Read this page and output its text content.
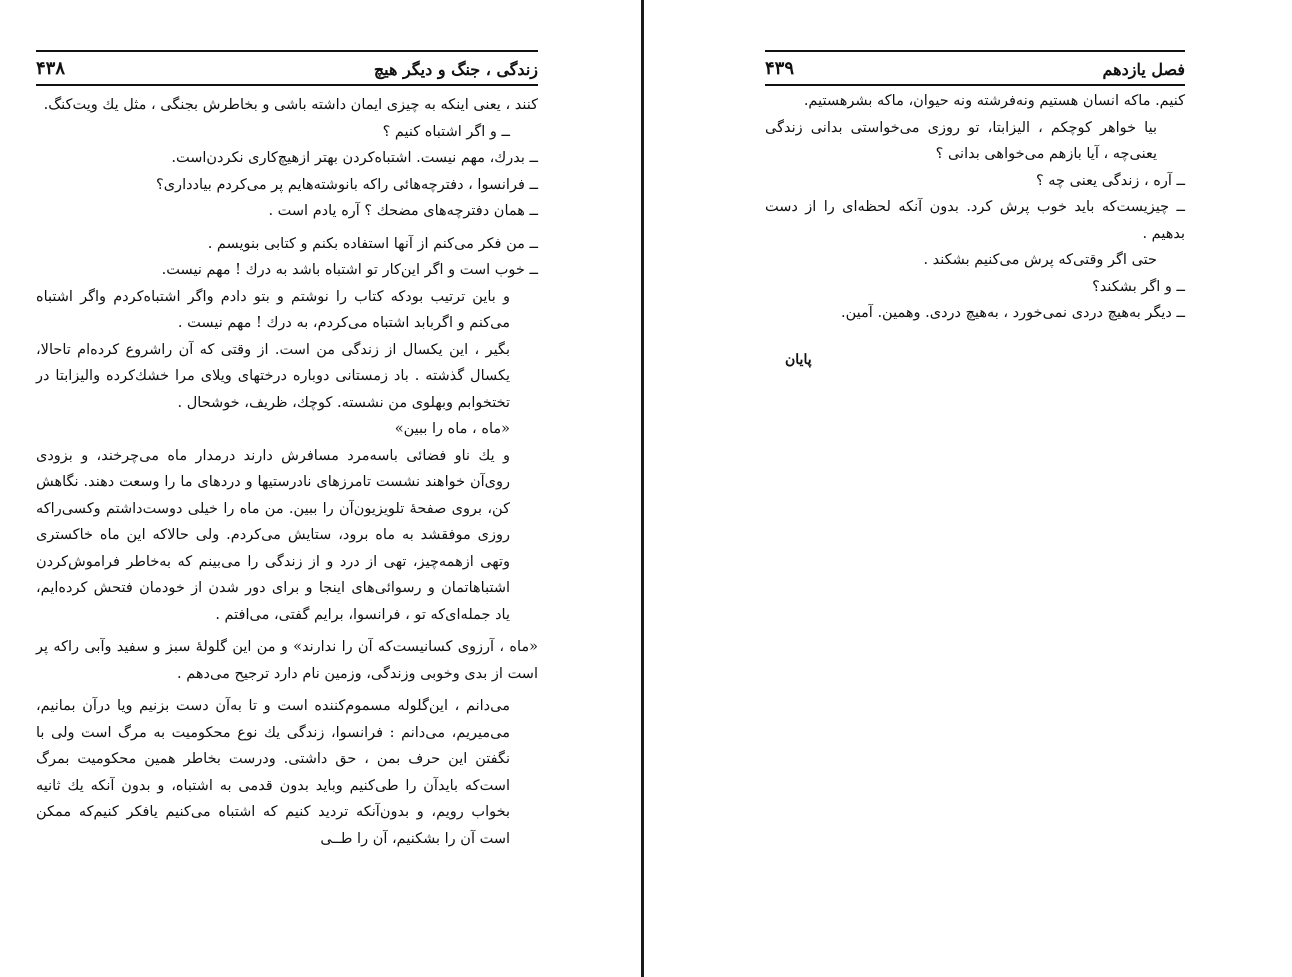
زندگی ، جنگ و دیگر هیچ
۴۳۸

کنند ، یعنی اینکه به چیزی ایمان داشته باشی و بخاطرش بجنگی ، مثل یك ویت‌کنگ.

ــ و اگر اشتباه کنیم ؟

ــ بدرك، مهم نیست. اشتباه‌کردن بهتر ازهیچ‌کاری نکردن‌است.

ــ فرانسوا ، دفترچه‌هائی راکه بانوشته‌هایم پر می‌کردم بیادداری؟

ــ همان دفترچه‌های مضحك ؟ آره یادم است .

ــ من فکر می‌کنم از آنها استفاده بکنم و کتابی بنویسم .

ــ خوب است و اگر این‌کار تو اشتباه باشد به درك ! مهم نیست.

و باین ترتیب بودکه کتاب را نوشتم و بتو دادم واگر اشتباه‌کردم واگر اشتباه می‌کنم و اگربابد اشتباه می‌کردم، به درك ! مهم نیست .

بگیر ، این یکسال از زندگی من است. از وقتی که آن راشروع کرده‌ام تاحالا، یکسال گذشته . باد زمستانی دوباره درختهای ویلای مرا خشك‌کرده والیزابتا در تختخوابم وبهلوی من نشسته. کوچك، ظریف، خوشحال .

«ماه ، ماه را ببین»

و یك ناو فضائی باسه‌مرد مسافرش دارند درمدار ماه می‌چرخند، و بزودی روی‌آن خواهند نشست تامرزهای نادرستیها و دردهای ما را وسعت دهند. نگاهش کن، بروی صفحهٔ تلویزیون‌آن را ببین. من ماه را خیلی دوست‌داشتم وکسی‌راکه روزی موفقشد به ماه برود، ستایش می‌کردم. ولی حالاکه این ماه خاکستری وتهی ازهمه‌چیز، تهی از درد و از زندگی را می‌بینم که به‌خاطر فراموش‌کردن اشتباهاتمان و رسوائی‌های اینجا و برای دور شدن از خودمان فتحش کرده‌ایم، یاد جمله‌ای‌که تو ، فرانسوا، برایم گفتی، می‌افتم .

«ماه ، آرزوی کسانیست‌که آن را ندارند» و من این گلولهٔ سبز و سفید وآبی راکه پر است از بدی وخوبی وزندگی، وزمین نام دارد ترجیح می‌دهم .

می‌دانم ، این‌گلوله مسموم‌کننده است و تا به‌آن دست بزنیم ویا درآن بمانیم، می‌میریم، می‌دانم : فرانسوا، زندگی یك نوع محکومیت به مرگ است ولی با نگفتن این حرف بمن ، حق داشتی. ودرست بخاطر همین محکومیت بمرگ است‌که بایدآن را طی‌کنیم وباید بدون قدمی به اشتباه، و بدون آنکه یك ثانیه بخواب رویم، و بدون‌آنکه تردید کنیم که اشتباه می‌کنیم یافکر کنیم‌که ممکن است آن را بشکنیم، آن را طــی

فصل یازدهم
۴۳۹

کنیم. ماکه انسان هستیم ونه‌فرشته ونه حیوان، ماکه بشرهستیم.

بیا خواهر کوچکم ، الیزابتا، تو روزی می‌خواستی بدانی زندگی یعنی‌چه ، آیا بازهم می‌خواهی بدانی ؟

ــ آره ، زندگی یعنی چه ؟

ــ چیزیست‌که باید خوب پرش کرد. بدون آنکه لحظه‌ای را از دست بدهیم .

حتی اگر وقتی‌که پرش می‌کنیم بشکند .

ــ و اگر بشکند؟

ــ دیگر به‌هیچ دردی نمی‌خورد ، به‌هیچ دردی. وهمین. آمین.

پایان
